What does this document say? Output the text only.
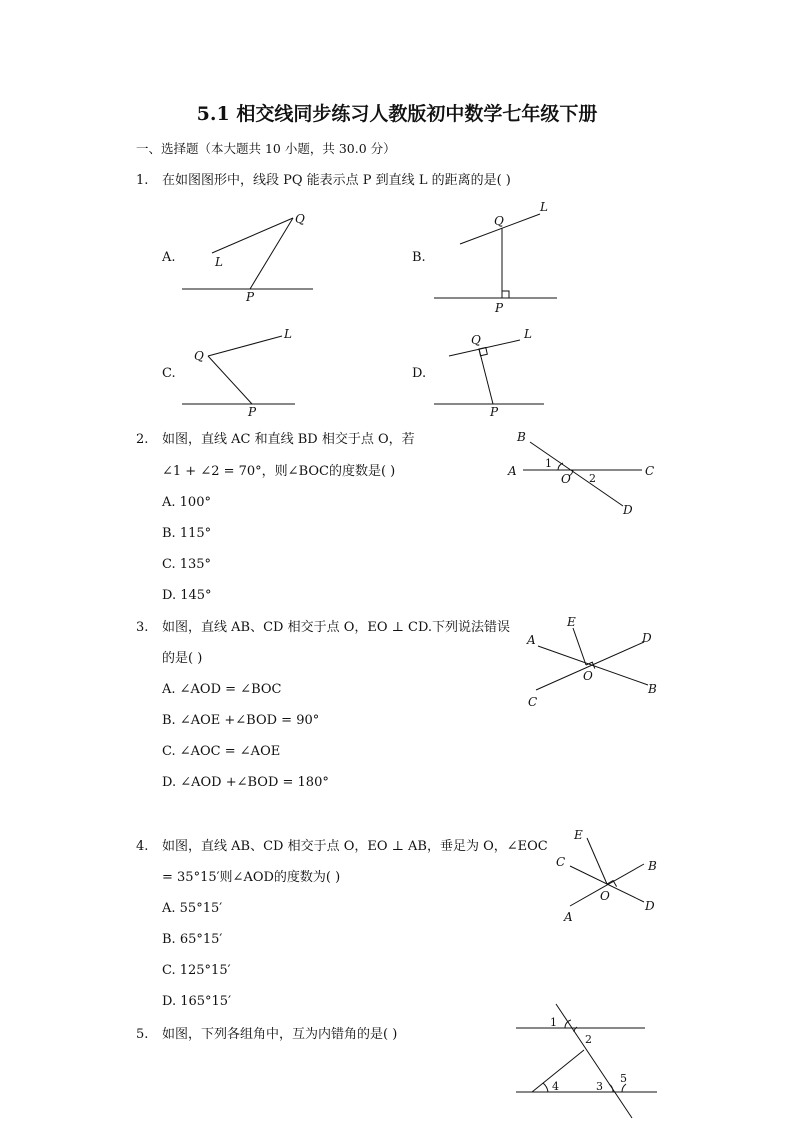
5.1 相交线同步练习人教版初中数学七年级下册
一、选择题（本大题共 10 小题，共 30.0 分）
1. 在如图图形中，线段 PQ 能表示点 P 到直线 L 的距离的是( )
A.
Q
L
P
B.
Q
L
P
C.
Q
L
P
D.
Q	L
P
2. 如图，直线 AC 和直线 BD 相交于点 O，若
∠1 + ∠2 = 70°，则∠BOC的度数是( )
A. 100°
B. 115°
C. 135°
D. 145°
A
B
C
D
O
1
2
3. 如图，直线 AB、CD 相交于点 O，EO ⊥ CD.下列说法错误
的是( )
A. ∠AOD = ∠BOC
B. ∠AOE +∠BOD = 90°
C. ∠AOC = ∠AOE
D. ∠AOD +∠BOD = 180°
A
B
C
D
E
O
4. 如图，直线 AB、CD 相交于点 O，EO ⊥ AB，垂足为 O，∠EOC
= 35°15′则∠AOD的度数为( )
A. 55°15′
B. 65°15′
C. 125°15′
D. 165°15′
E
C	B
D
A
O
5. 如图，下列各组角中，互为内错角的是( )
1
2
3
4
5
